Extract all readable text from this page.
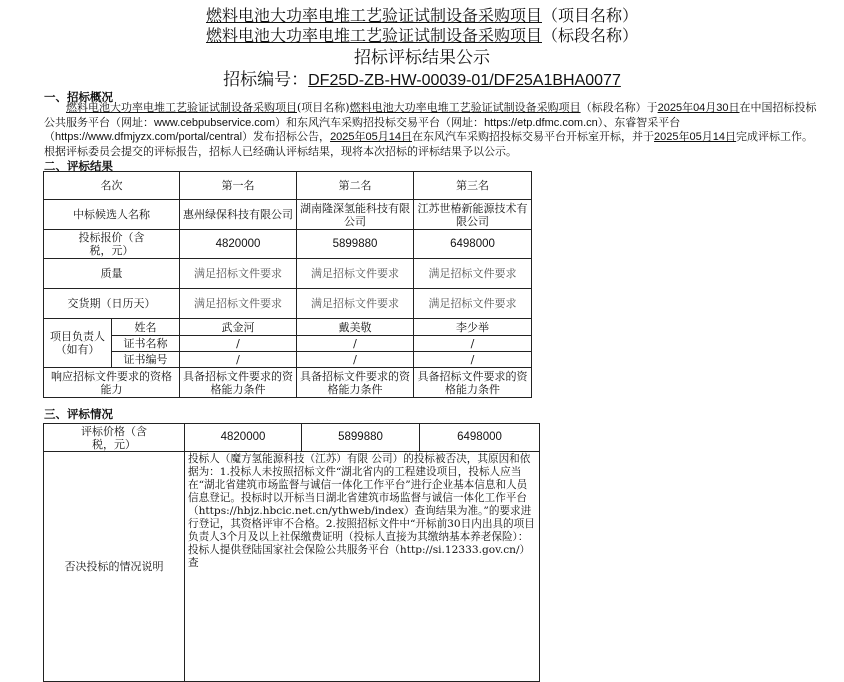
燃料电池大功率电堆工艺验证试制设备采购项目（项目名称）
燃料电池大功率电堆工艺验证试制设备采购项目（标段名称）
招标评标结果公示
招标编号：DF25D-ZB-HW-00039-01/DF25A1BHA0077
一、招标概况
　　燃料电池大功率电堆工艺验证试制设备采购项目(项目名称)燃料电池大功率电堆工艺验证试制设备采购项目（标段名称）于2025年04月30日在中国招标投标公共服务平台（网址：www.cebpubservice.com）和东风汽车采购招投标交易平台（网址：https://etp.dfmc.com.cn）、东睿智采平台（https://www.dfmjyzx.com/portal/central）发布招标公告，2025年05月14日在东风汽车采购招投标交易平台开标室开标，并于2025年05月14日完成评标工作。根据评标委员会提交的评标报告，招标人已经确认评标结果，现将本次招标的评标结果予以公示。
二、评标结果
名次		第一名	第二名	第三名
中标候选人名称		惠州绿保科技有限公司	湖南隆深氢能科技有限公司	江苏世椿新能源技术有限公司
投标报价（含税，元）		4820000	5899880	6498000
质量		满足招标文件要求	满足招标文件要求	满足招标文件要求
交货期（日历天）		满足招标文件要求	满足招标文件要求	满足招标文件要求
项目负责人（如有）	姓名	武金河	戴美敬	李少举
	证书名称	/	/	/
	证书编号	/	/	/
响应招标文件要求的资格能力		具备招标文件要求的资格能力条件	具备招标文件要求的资格能力条件	具备招标文件要求的资格能力条件
三、评标情况
评标价格（含税，元）	4820000	5899880	6498000
否决投标的情况说明	投标人（魔方氢能源科技（江苏）有限 公司）的投标被否决，其原因和依据为：1.投标人未按照招标文件“湖北省内的工程建设项目，投标人应当在“湖北省建筑市场监督与诚信一体化工作平台”进行企业基本信息和人员信息登记。投标时以开标当日湖北省建筑市场监督与诚信一体化工作平台（https://hbjz.hbcic.net.cn/ythweb/index）查询结果为准。”的要求进行登记，其资格评审不合格。2.按照招标文件中“开标前30日内出具的项目负责人3个月及以上社保缴费证明（投标人直接为其缴纳基本养老保险）：投标人提供登陆国家社会保险公共服务平台（http://si.12333.gov.cn/）查		
